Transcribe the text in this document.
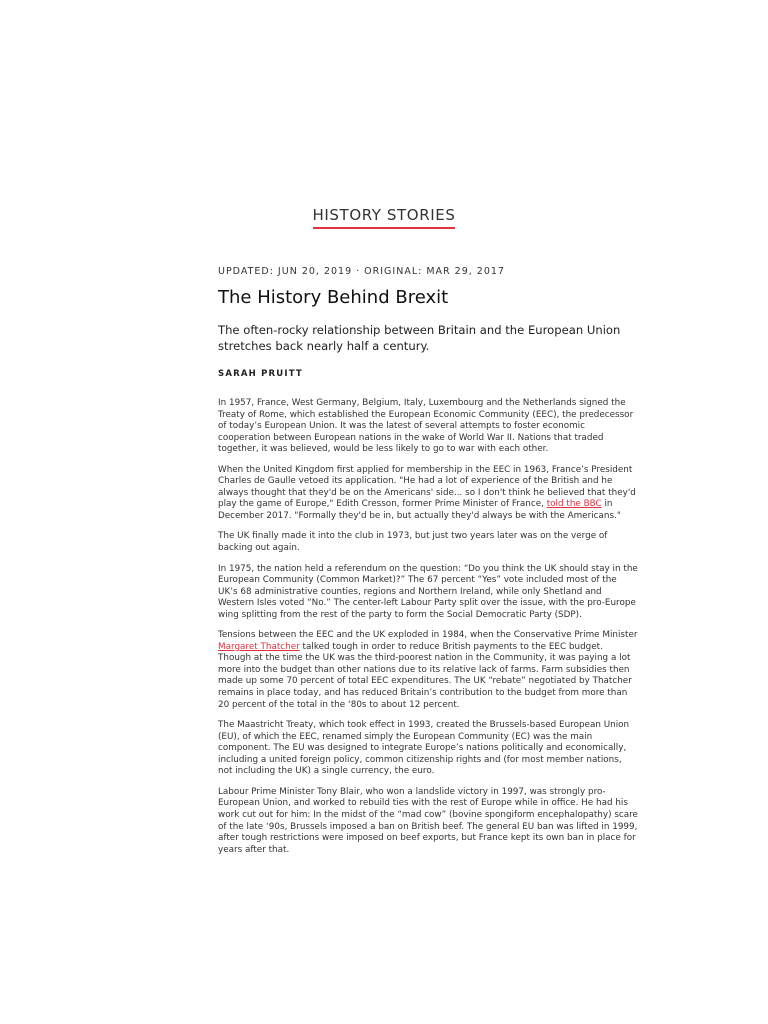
HISTORY STORIES

UPDATED: JUN 20, 2019 · ORIGINAL: MAR 29, 2017

The History Behind Brexit

The often-rocky relationship between Britain and the European Union stretches back nearly half a century.

SARAH PRUITT

In 1957, France, West Germany, Belgium, Italy, Luxembourg and the Netherlands signed the Treaty of Rome, which established the European Economic Community (EEC), the predecessor of today’s European Union. It was the latest of several attempts to foster economic cooperation between European nations in the wake of World War II. Nations that traded together, it was believed, would be less likely to go to war with each other.

When the United Kingdom first applied for membership in the EEC in 1963, France’s President Charles de Gaulle vetoed its application. "He had a lot of experience of the British and he always thought that they'd be on the Americans' side... so I don't think he believed that they'd play the game of Europe," Edith Cresson, former Prime Minister of France, told the BBC in December 2017. "Formally they'd be in, but actually they'd always be with the Americans."

The UK finally made it into the club in 1973, but just two years later was on the verge of backing out again.

In 1975, the nation held a referendum on the question: “Do you think the UK should stay in the European Community (Common Market)?” The 67 percent “Yes” vote included most of the UK’s 68 administrative counties, regions and Northern Ireland, while only Shetland and Western Isles voted “No.” The center-left Labour Party split over the issue, with the pro-Europe wing splitting from the rest of the party to form the Social Democratic Party (SDP).

Tensions between the EEC and the UK exploded in 1984, when the Conservative Prime Minister Margaret Thatcher talked tough in order to reduce British payments to the EEC budget. Though at the time the UK was the third-poorest nation in the Community, it was paying a lot more into the budget than other nations due to its relative lack of farms. Farm subsidies then made up some 70 percent of total EEC expenditures. The UK “rebate” negotiated by Thatcher remains in place today, and has reduced Britain’s contribution to the budget from more than 20 percent of the total in the ‘80s to about 12 percent.

The Maastricht Treaty, which took effect in 1993, created the Brussels-based European Union (EU), of which the EEC, renamed simply the European Community (EC) was the main component. The EU was designed to integrate Europe’s nations politically and economically, including a united foreign policy, common citizenship rights and (for most member nations, not including the UK) a single currency, the euro.

Labour Prime Minister Tony Blair, who won a landslide victory in 1997, was strongly pro-European Union, and worked to rebuild ties with the rest of Europe while in office. He had his work cut out for him: In the midst of the “mad cow” (bovine spongiform encephalopathy) scare of the late ‘90s, Brussels imposed a ban on British beef. The general EU ban was lifted in 1999, after tough restrictions were imposed on beef exports, but France kept its own ban in place for years after that.
